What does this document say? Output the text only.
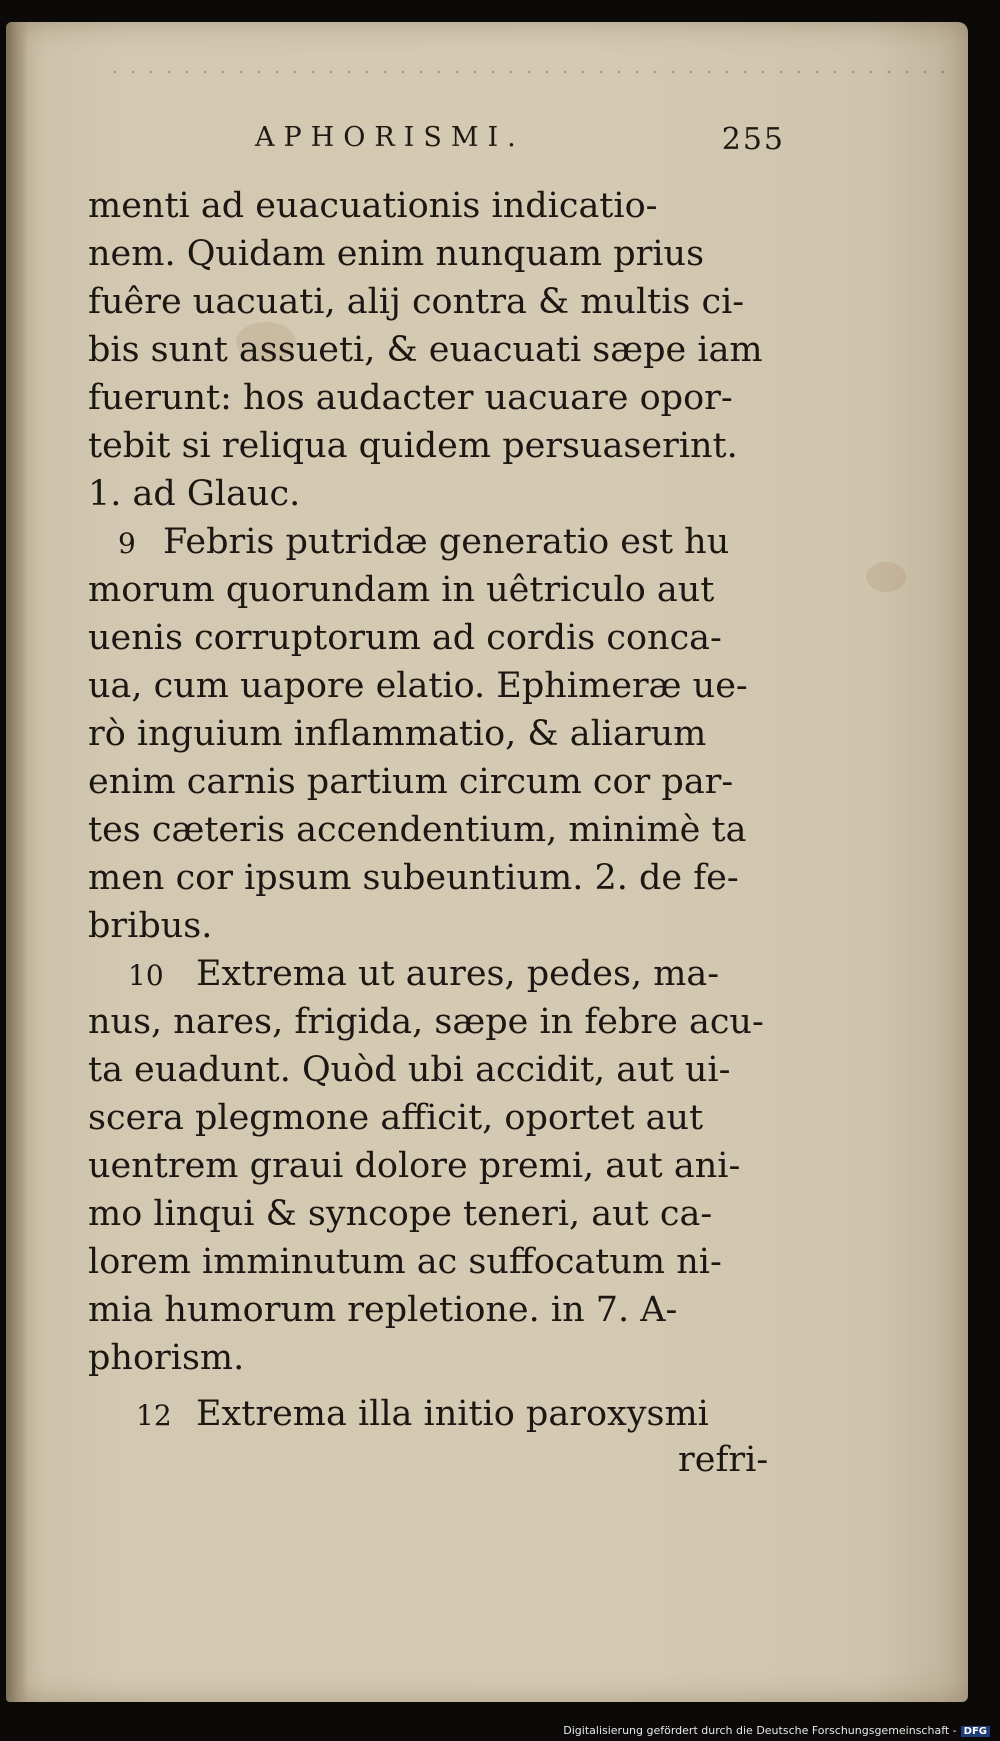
APHORISMI.	255
menti ad euacuationis indicatio-
nem. Quidam enim nunquam prius
fuêre uacuati, alij contra & multis ci-
bis sunt assueti, & euacuati sæpe iam
fuerunt: hos audacter uacuare opor-
tebit si reliqua quidem persuaserint.
1. ad Glauc.
9 Febris putridæ generatio est hu
morum quorundam in uêtriculo aut
uenis corruptorum ad cordis conca-
ua, cum uapore elatio. Ephimeræ ue-
rò inguium inflammatio, & aliarum
enim carnis partium circum cor par-
tes cæteris accendentium, minimè ta
men cor ipsum subeuntium. 2. de fe-
bribus.
10 Extrema ut aures, pedes, ma-
nus, nares, frigida, sæpe in febre acu-
ta euadunt. Quòd ubi accidit, aut ui-
scera plegmone afficit, oportet aut
uentrem graui dolore premi, aut ani-
mo linqui & syncope teneri, aut ca-
lorem imminutum ac suffocatum ni-
mia humorum repletione. in 7. A-
phorism.
12 Extrema illa initio paroxysmi
refri-
Digitalisierung gefördert durch die Deutsche Forschungsgemeinschaft - DFG
